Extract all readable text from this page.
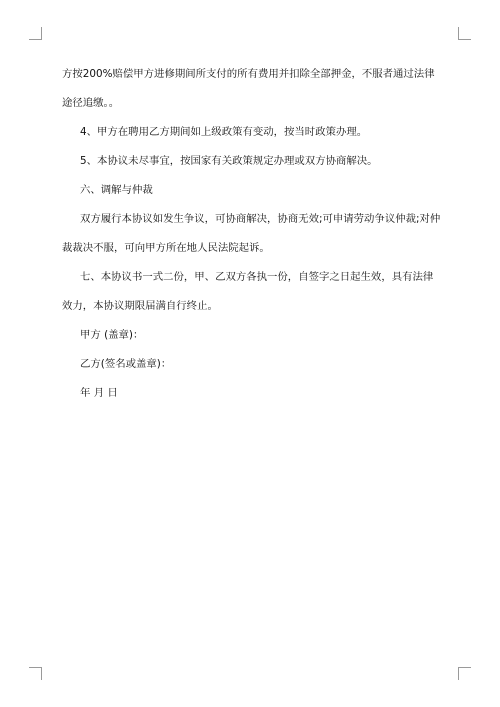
方按200%赔偿甲方进修期间所支付的所有费用并扣除全部押金，不服者通过法律途径追缴。。

4、甲方在聘用乙方期间如上级政策有变动，按当时政策办理。

5、本协议未尽事宜，按国家有关政策规定办理或双方协商解决。

六、调解与仲裁

双方履行本协议如发生争议，可协商解决，协商无效;可申请劳动争议仲裁;对仲裁裁决不服，可向甲方所在地人民法院起诉。

七、本协议书一式二份，甲、乙双方各执一份，自签字之日起生效，具有法律效力，本协议期限届满自行终止。

甲方 (盖章)：

乙方(签名或盖章)：

年 月 日
